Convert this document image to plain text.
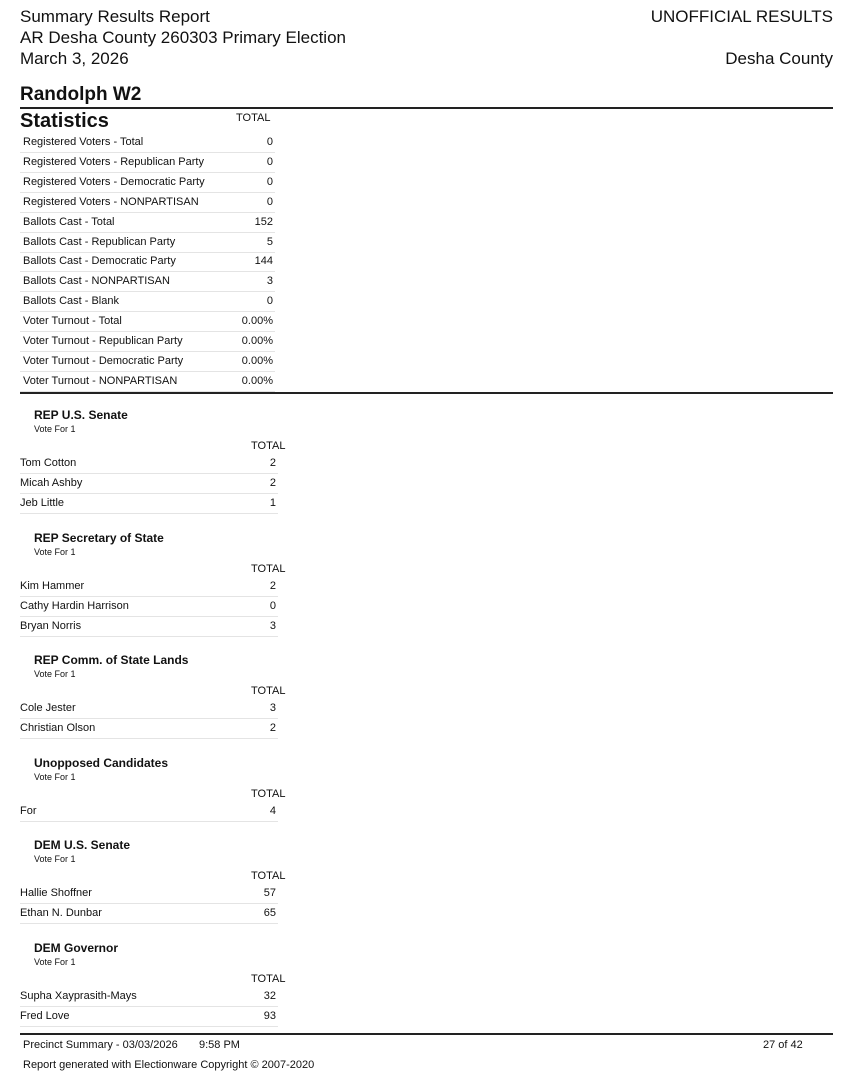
Summary Results Report
AR Desha County 260303 Primary Election
March 3, 2026
UNOFFICIAL RESULTS
Desha County
Randolph W2
Statistics	TOTAL
Registered Voters - Total	0
Registered Voters - Republican Party	0
Registered Voters - Democratic Party	0
Registered Voters - NONPARTISAN	0
Ballots Cast - Total	152
Ballots Cast - Republican Party	5
Ballots Cast - Democratic Party	144
Ballots Cast - NONPARTISAN	3
Ballots Cast - Blank	0
Voter Turnout - Total	0.00%
Voter Turnout - Republican Party	0.00%
Voter Turnout - Democratic Party	0.00%
Voter Turnout - NONPARTISAN	0.00%
REP U.S. Senate
Vote For 1
TOTAL
Tom Cotton	2
Micah Ashby	2
Jeb Little	1
REP Secretary of State
Vote For 1
TOTAL
Kim Hammer	2
Cathy Hardin Harrison	0
Bryan Norris	3
REP Comm. of State Lands
Vote For 1
TOTAL
Cole Jester	3
Christian Olson	2
Unopposed Candidates
Vote For 1
TOTAL
For	4
DEM U.S. Senate
Vote For 1
TOTAL
Hallie Shoffner	57
Ethan N. Dunbar	65
DEM Governor
Vote For 1
TOTAL
Supha Xayprasith-Mays	32
Fred Love	93
Precinct Summary - 03/03/2026 9:58 PM	27 of 42
Report generated with Electionware Copyright © 2007-2020
